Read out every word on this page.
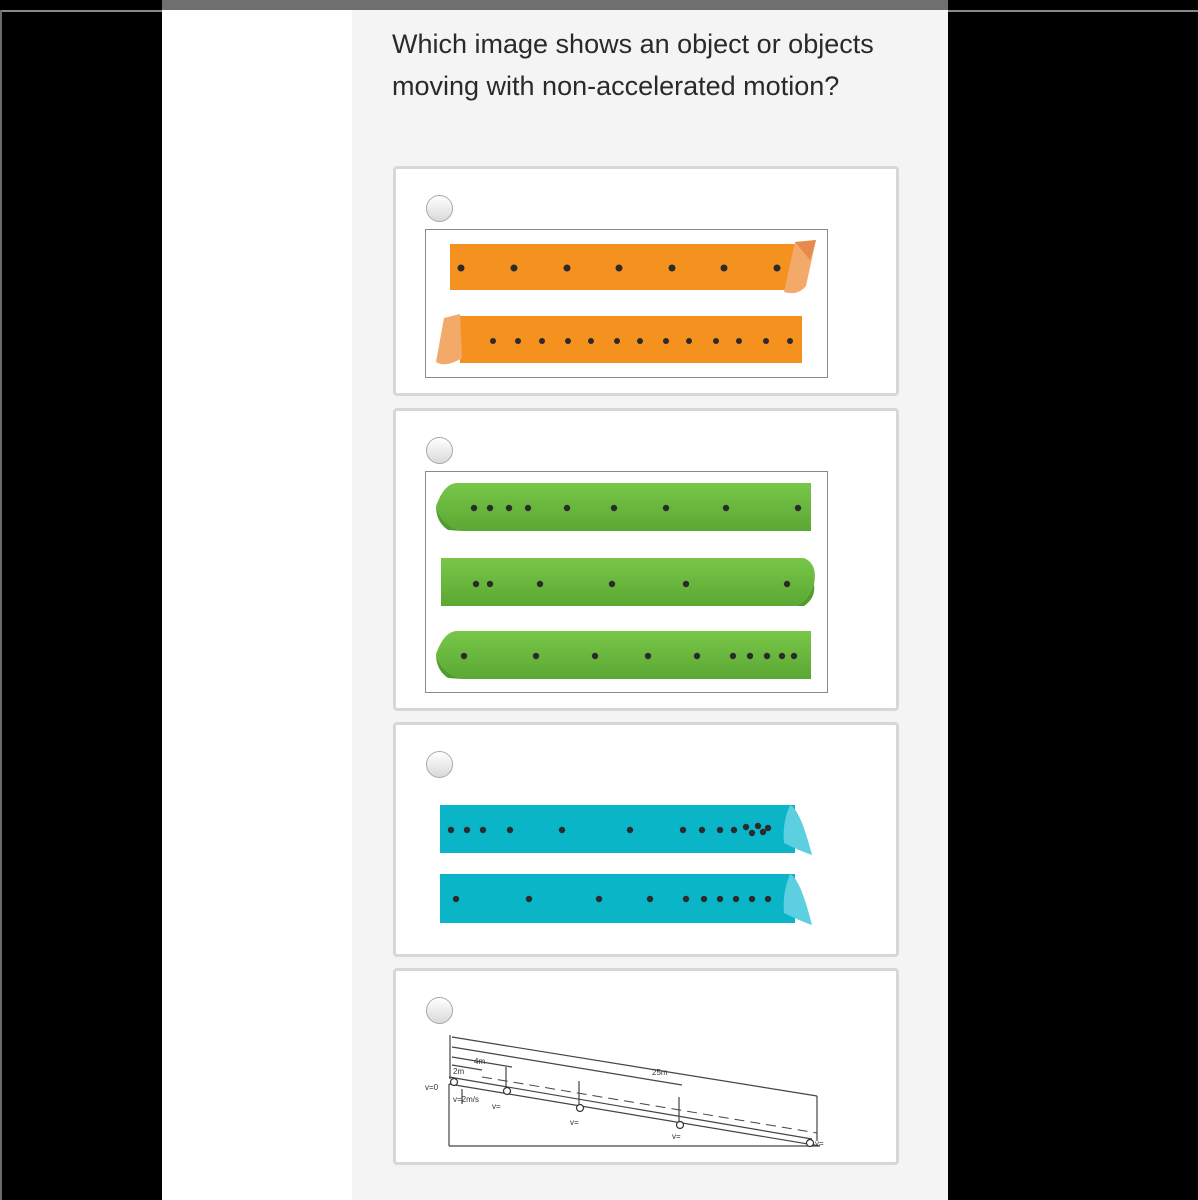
Which image shows an object or objects moving with non-accelerated motion?

4m
2m	25m
v=0
v=2m/s
v=
v=
v=
v=
